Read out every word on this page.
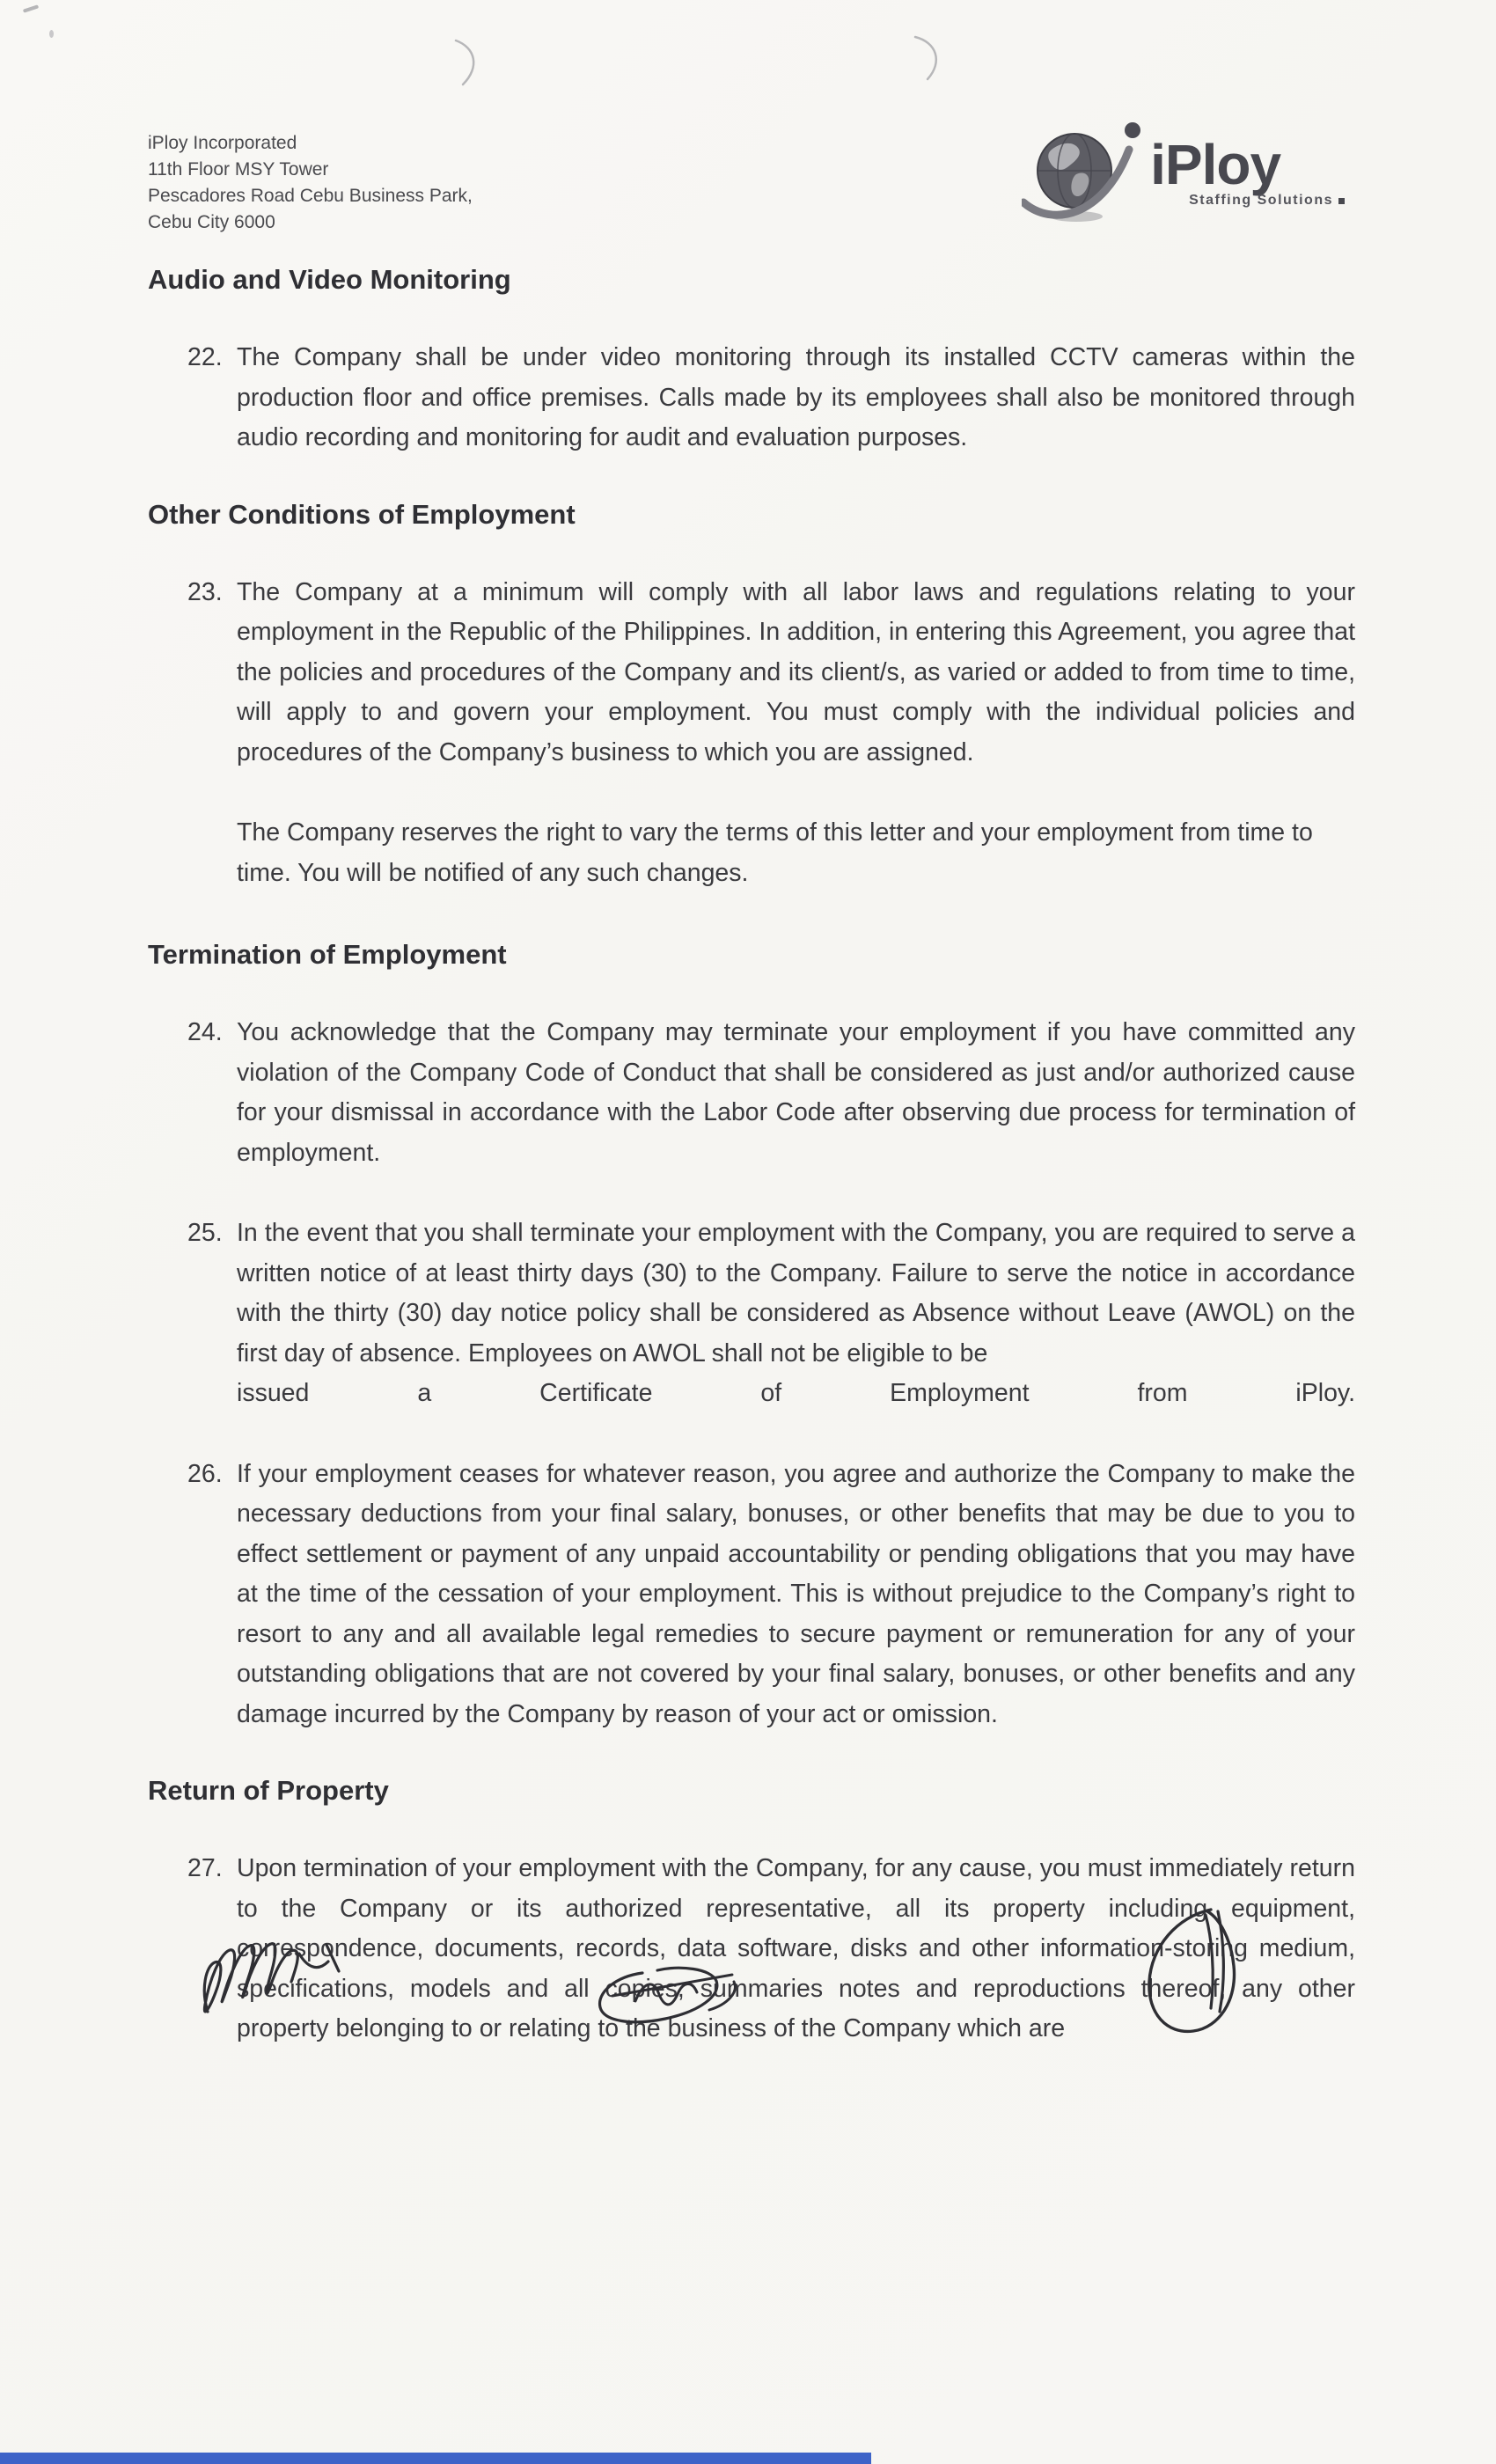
iPloy Incorporated
11th Floor MSY Tower
Pescadores Road Cebu Business Park,
Cebu City 6000
iPloy
Staffing Solutions
Audio and Video Monitoring
22. The Company shall be under video monitoring through its installed CCTV cameras within the production floor and office premises. Calls made by its employees shall also be monitored through audio recording and monitoring for audit and evaluation purposes.
Other Conditions of Employment
23. The Company at a minimum will comply with all labor laws and regulations relating to your employment in the Republic of the Philippines. In addition, in entering this Agreement, you agree that the policies and procedures of the Company and its client/s, as varied or added to from time to time, will apply to and govern your employment. You must comply with the individual policies and procedures of the Company’s business to which you are assigned.

The Company reserves the right to vary the terms of this letter and your employment from time to time. You will be notified of any such changes.

Termination of Employment
24. You acknowledge that the Company may terminate your employment if you have committed any violation of the Company Code of Conduct that shall be considered as just and/or authorized cause for your dismissal in accordance with the Labor Code after observing due process for termination of employment.
25. In the event that you shall terminate your employment with the Company, you are required to serve a written notice of at least thirty days (30) to the Company. Failure to serve the notice in accordance with the thirty (30) day notice policy shall be considered as Absence without Leave (AWOL) on the first day of absence. Employees on AWOL shall not be eligible to be
issued a Certificate of Employment from iPloy.
26. If your employment ceases for whatever reason, you agree and authorize the Company to make the necessary deductions from your final salary, bonuses, or other benefits that may be due to you to effect settlement or payment of any unpaid accountability or pending obligations that you may have at the time of the cessation of your employment. This is without prejudice to the Company’s right to resort to any and all available legal remedies to secure payment or remuneration for any of your outstanding obligations that are not covered by your final salary, bonuses, or other benefits and any damage incurred by the Company by reason of your act or omission.
Return of Property
27. Upon termination of your employment with the Company, for any cause, you must immediately return to the Company or its authorized representative, all its property including equipment, correspondence, documents, records, data software, disks and other information-storing medium, specifications, models and all copies, summaries notes and reproductions thereof, any other property belonging to or relating to the business of the Company which are
